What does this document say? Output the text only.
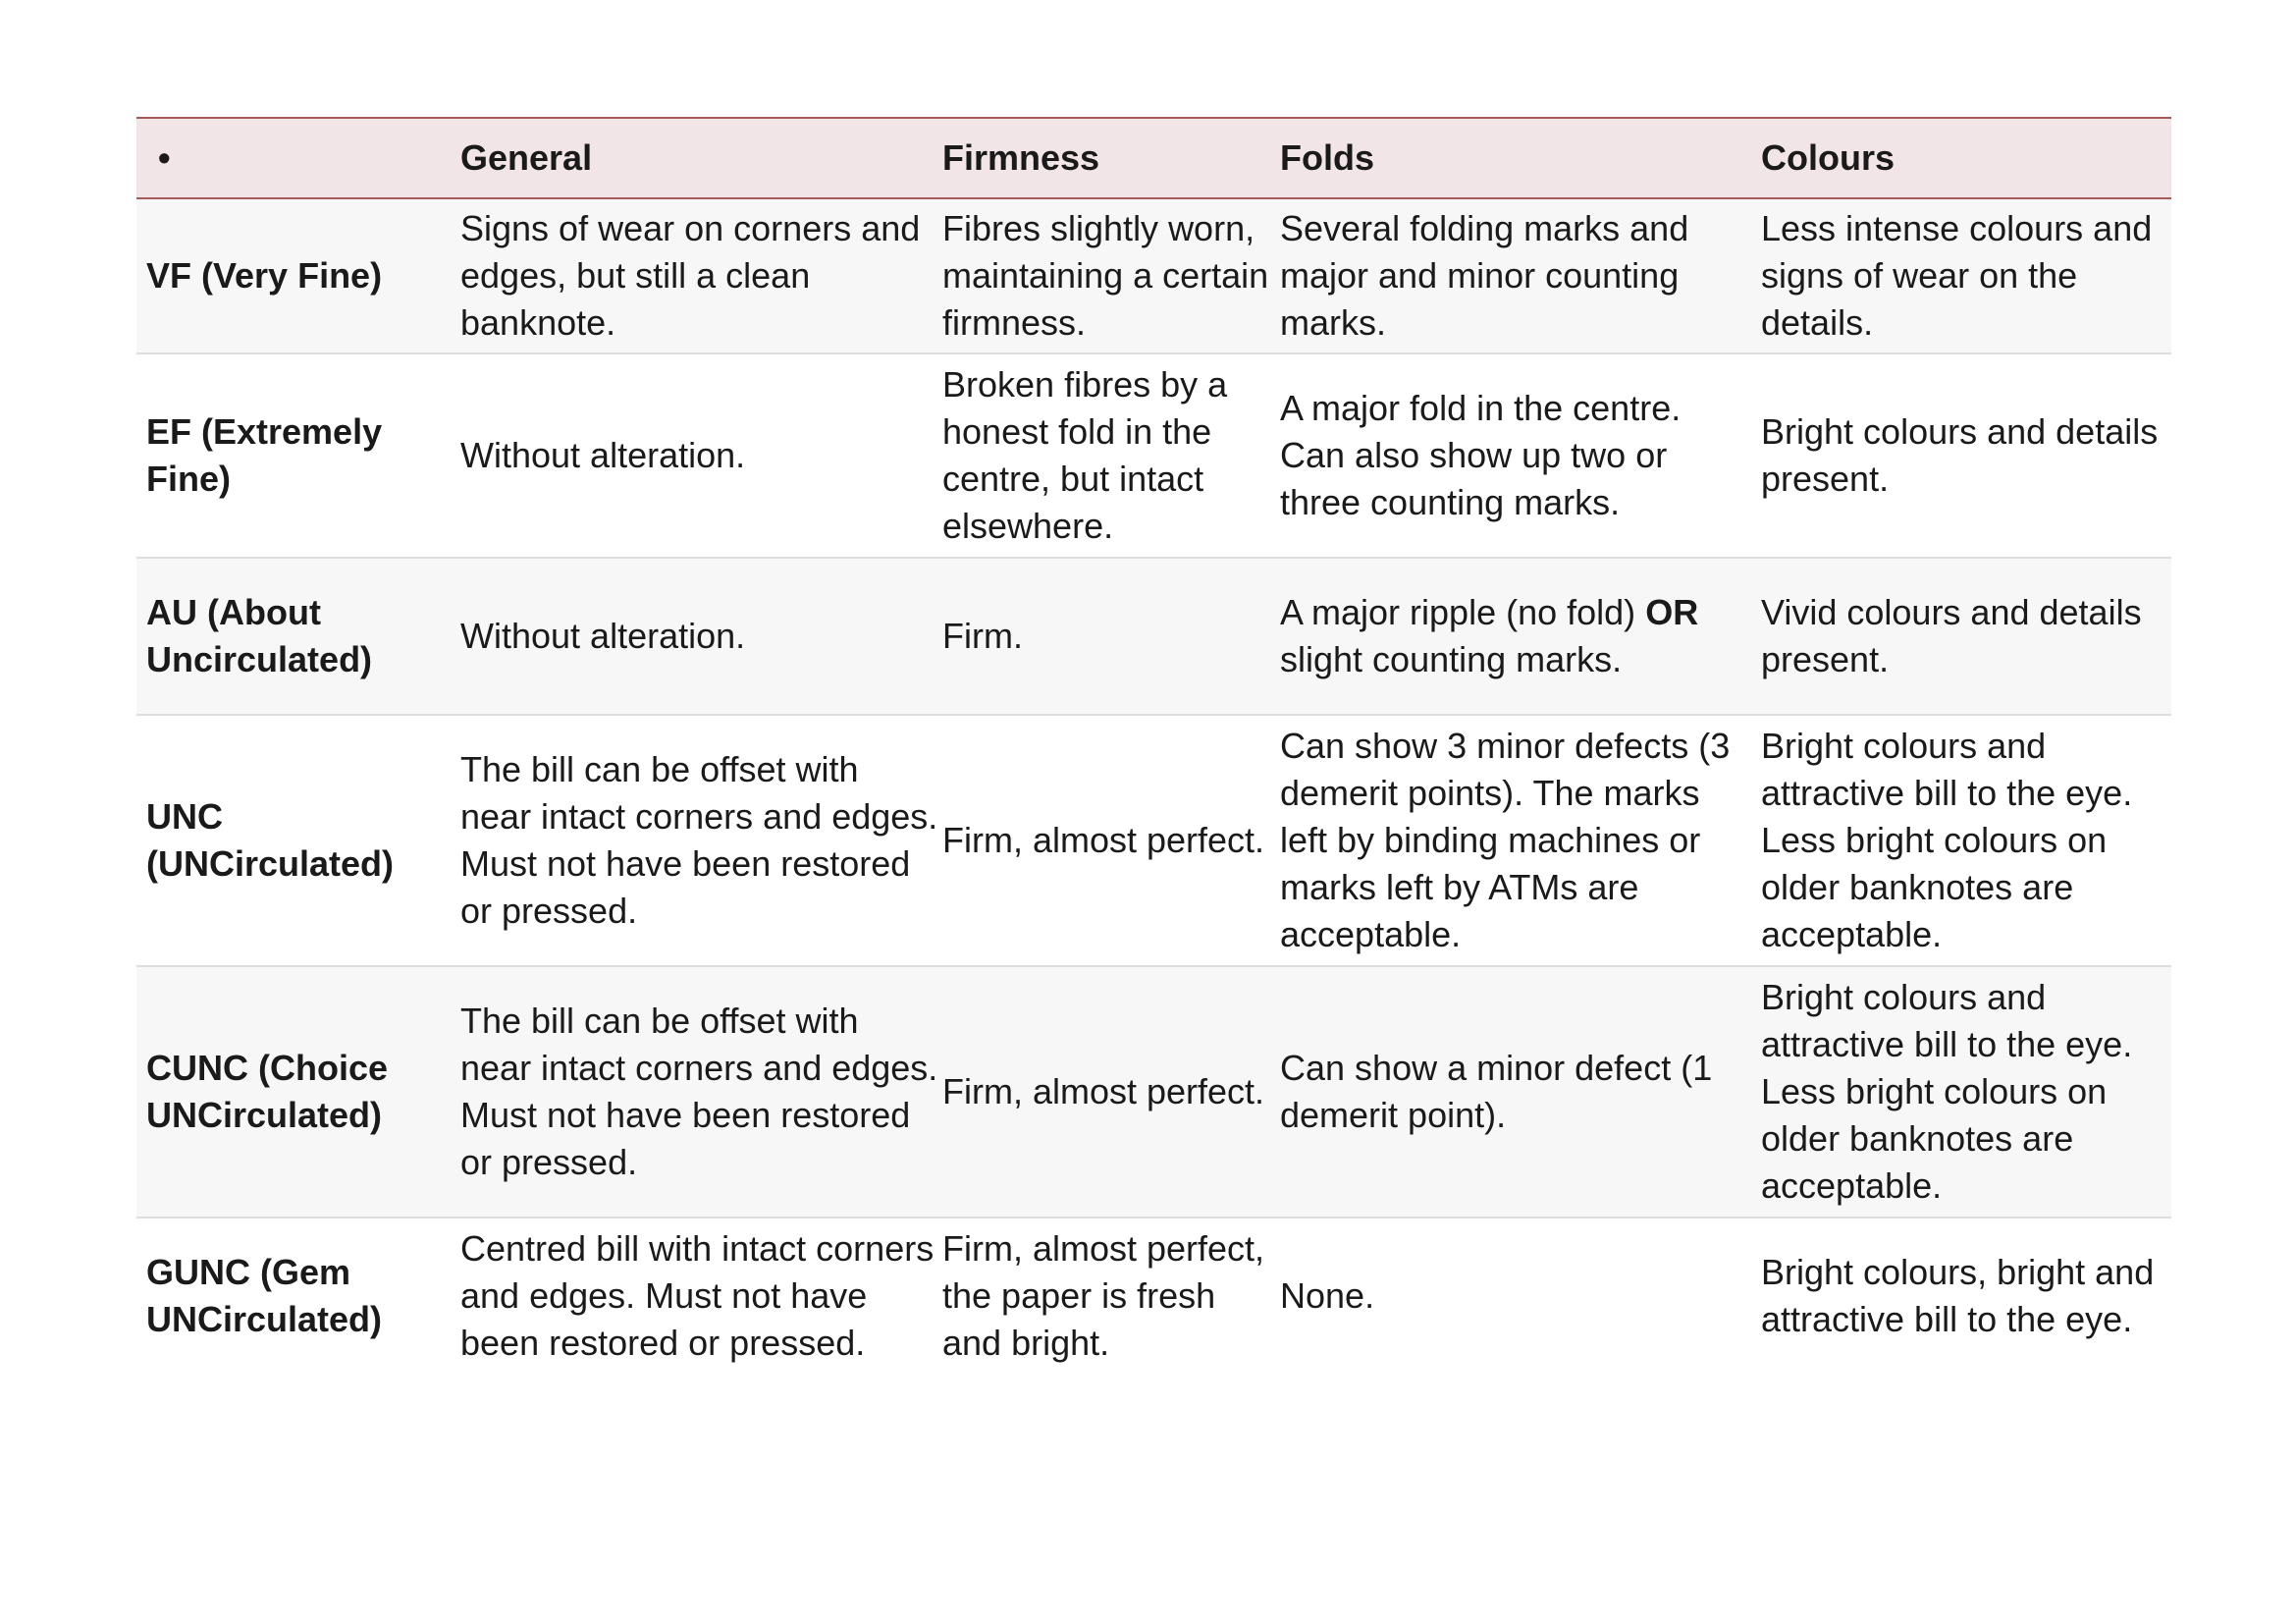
•	General	Firmness	Folds	Colours
VF (Very Fine)	Signs of wear on corners and edges, but still a clean banknote.	Fibres slightly worn, maintaining a certain firmness.	Several folding marks and major and minor counting marks.	Less intense colours and signs of wear on the details.
EF (Extremely Fine)	Without alteration.	Broken fibres by a honest fold in the centre, but intact elsewhere.	A major fold in the centre. Can also show up two or three counting marks.	Bright colours and details present.
AU (About Uncirculated)	Without alteration.	Firm.	A major ripple (no fold) OR slight counting marks.	Vivid colours and details present.
UNC (UNCirculated)	The bill can be offset with near intact corners and edges. Must not have been restored or pressed.	Firm, almost perfect.	Can show 3 minor defects (3 demerit points). The marks left by binding machines or marks left by ATMs are acceptable.	Bright colours and attractive bill to the eye. Less bright colours on older banknotes are acceptable.
CUNC (Choice UNCirculated)	The bill can be offset with near intact corners and edges. Must not have been restored or pressed.	Firm, almost perfect.	Can show a minor defect (1 demerit point).	Bright colours and attractive bill to the eye. Less bright colours on older banknotes are acceptable.
GUNC (Gem UNCirculated)	Centred bill with intact corners and edges. Must not have been restored or pressed.	Firm, almost perfect, the paper is fresh and bright.	None.	Bright colours, bright and attractive bill to the eye.
